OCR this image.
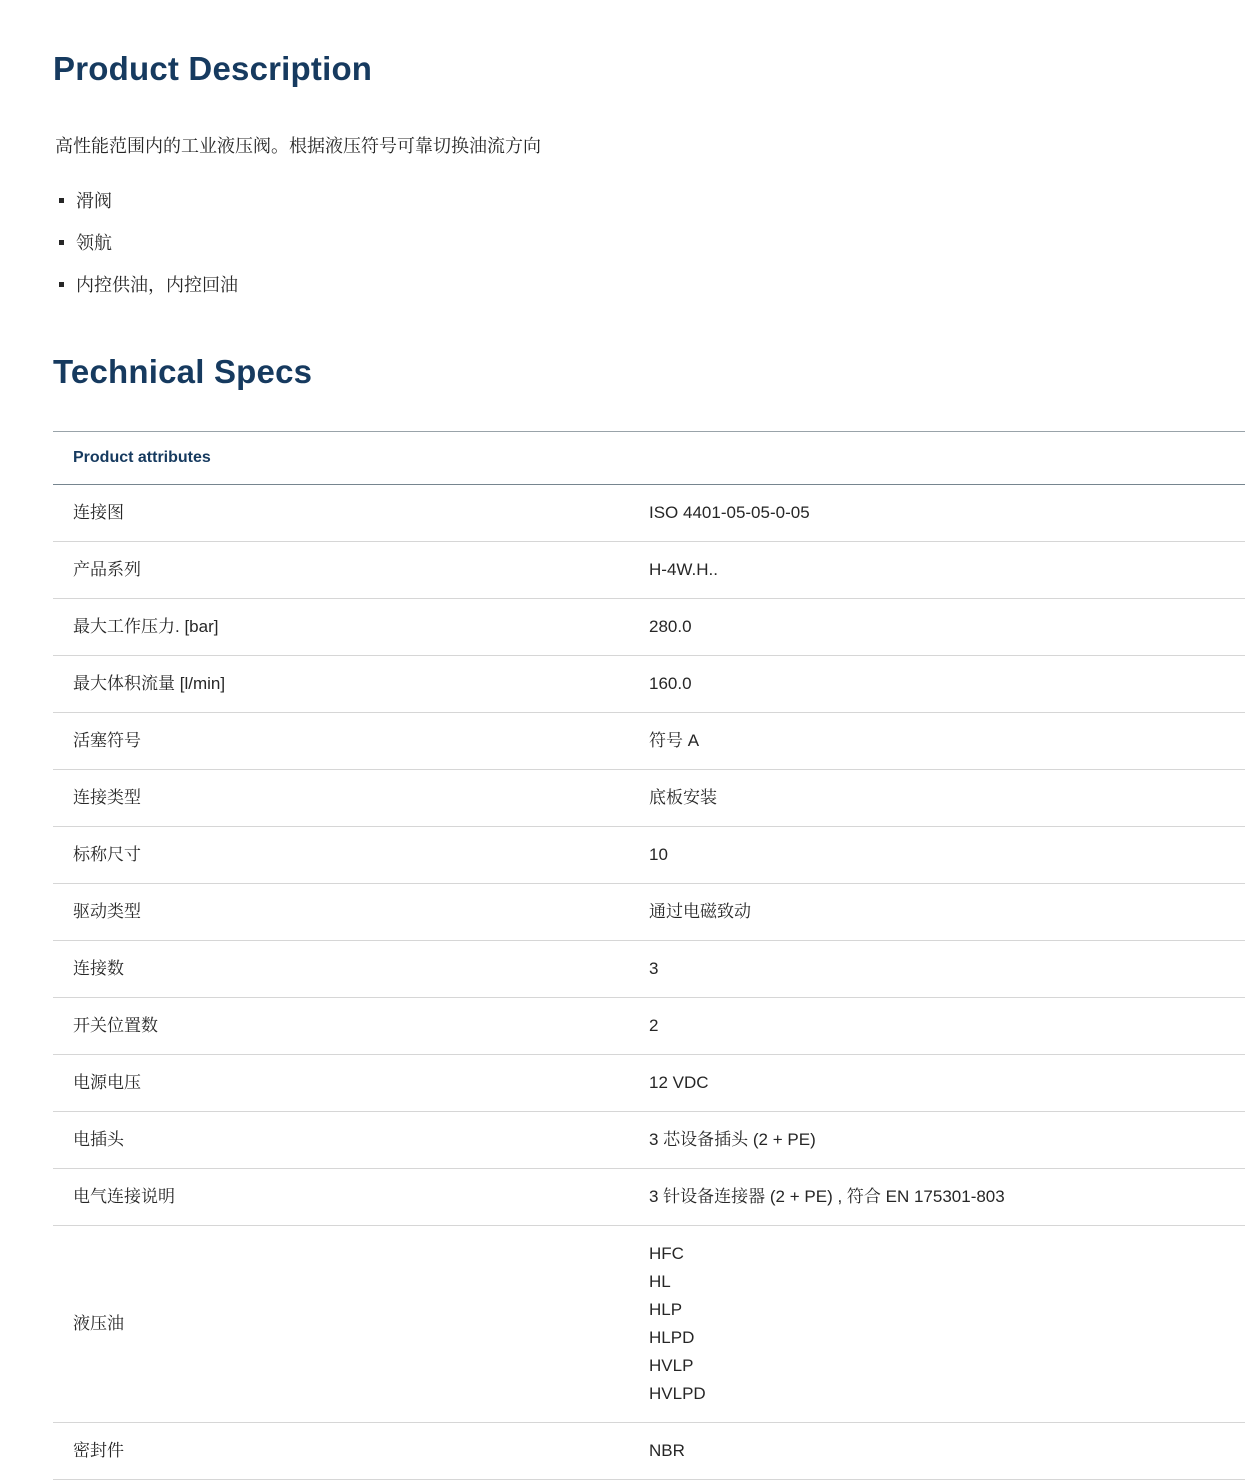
Product Description

高性能范围内的工业液压阀。根据液压符号可靠切换油流方向

滑阀
领航
内控供油，内控回油
Technical Specs
Product attributes	
连接图	ISO 4401-05-05-0-05

产品系列	H-4W.H..

最大工作压力. [bar]	280.0

最大体积流量 [l/min]	160.0

活塞符号	符号 A

连接类型	底板安装

标称尺寸	10

驱动类型	通过电磁致动

连接数	3

开关位置数	2

电源电压	12 VDC

电插头	3 芯设备插头 (2 + PE)

电气连接说明	3 针设备连接器 (2 + PE) , 符合 EN 175301-803

液压油	
HFC
HL
HLP
HLPD
HVLP
HVLPD

密封件	NBR
